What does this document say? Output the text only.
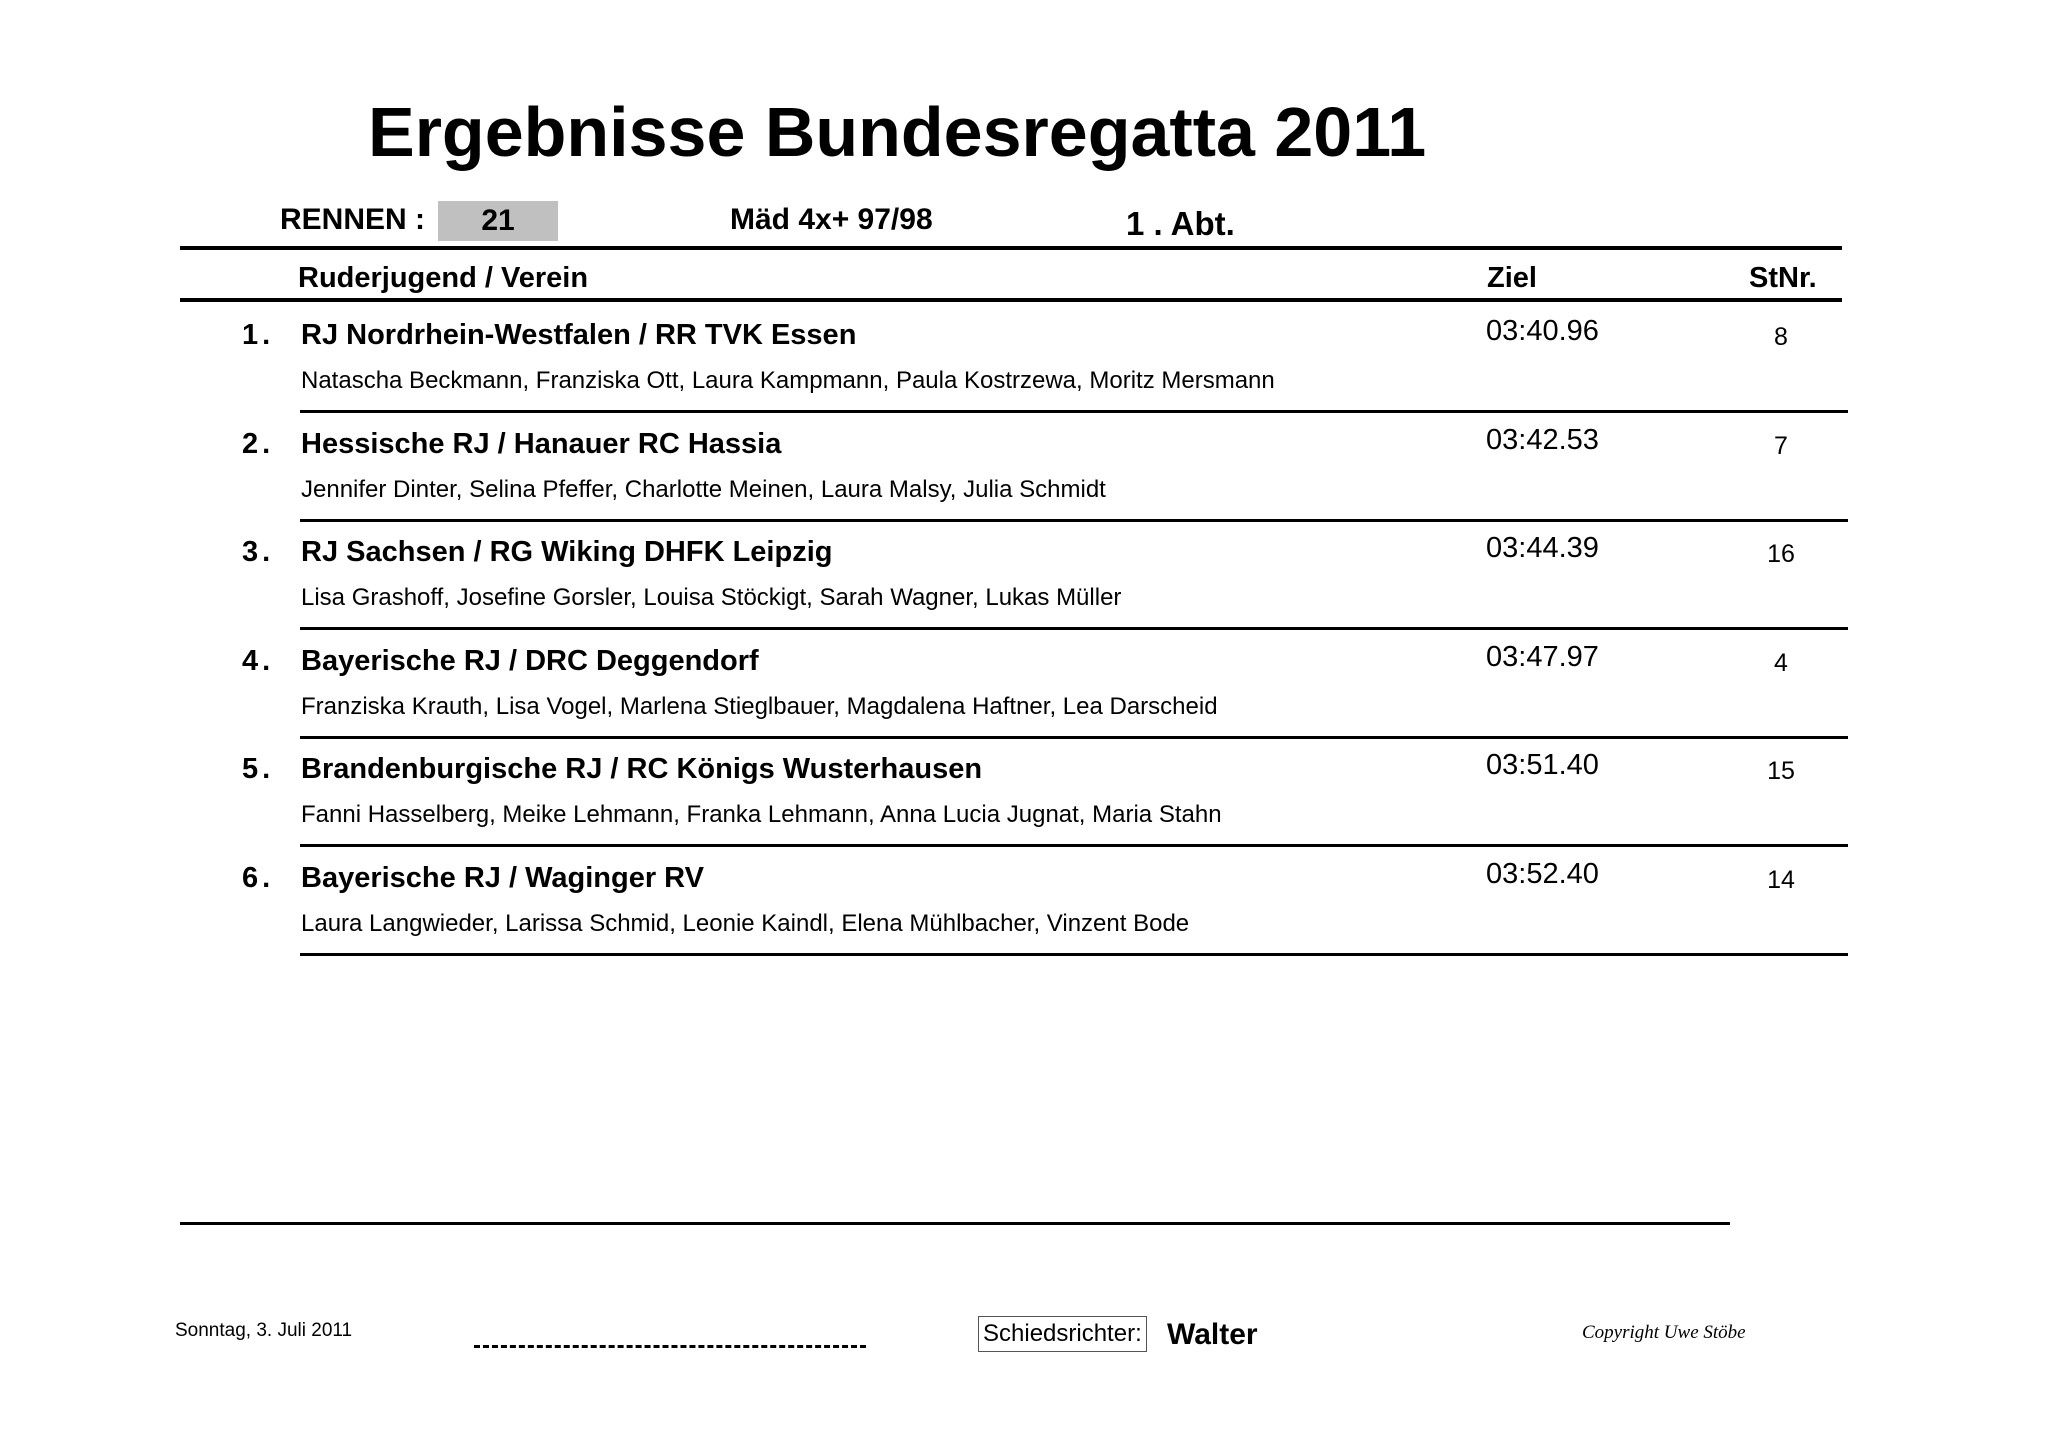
Ergebnisse Bundesregatta 2011
RENNEN :	21	Mäd 4x+ 97/98	1 . Abt.
Ruderjugend / Verein	Ziel	StNr.
1. RJ Nordrhein-Westfalen / RR TVK Essen
Natascha Beckmann, Franziska Ott, Laura Kampmann, Paula Kostrzewa, Moritz Mersmann
03:40.96	8
2. Hessische RJ / Hanauer RC Hassia
Jennifer Dinter, Selina Pfeffer, Charlotte Meinen, Laura Malsy, Julia Schmidt
03:42.53	7
3. RJ Sachsen / RG Wiking DHFK Leipzig
Lisa Grashoff, Josefine Gorsler, Louisa Stöckigt, Sarah Wagner, Lukas Müller
03:44.39	16
4. Bayerische RJ / DRC Deggendorf
Franziska Krauth, Lisa Vogel, Marlena Stieglbauer, Magdalena Haftner, Lea Darscheid
03:47.97	4
5. Brandenburgische RJ / RC Königs Wusterhausen
Fanni Hasselberg, Meike Lehmann, Franka Lehmann, Anna Lucia Jugnat, Maria Stahn
03:51.40	15
6. Bayerische RJ / Waginger RV
Laura Langwieder, Larissa Schmid, Leonie Kaindl, Elena Mühlbacher, Vinzent Bode
03:52.40	14
Sonntag, 3. Juli 2011	Schiedsrichter: Walter	Copyright Uwe Stöbe
